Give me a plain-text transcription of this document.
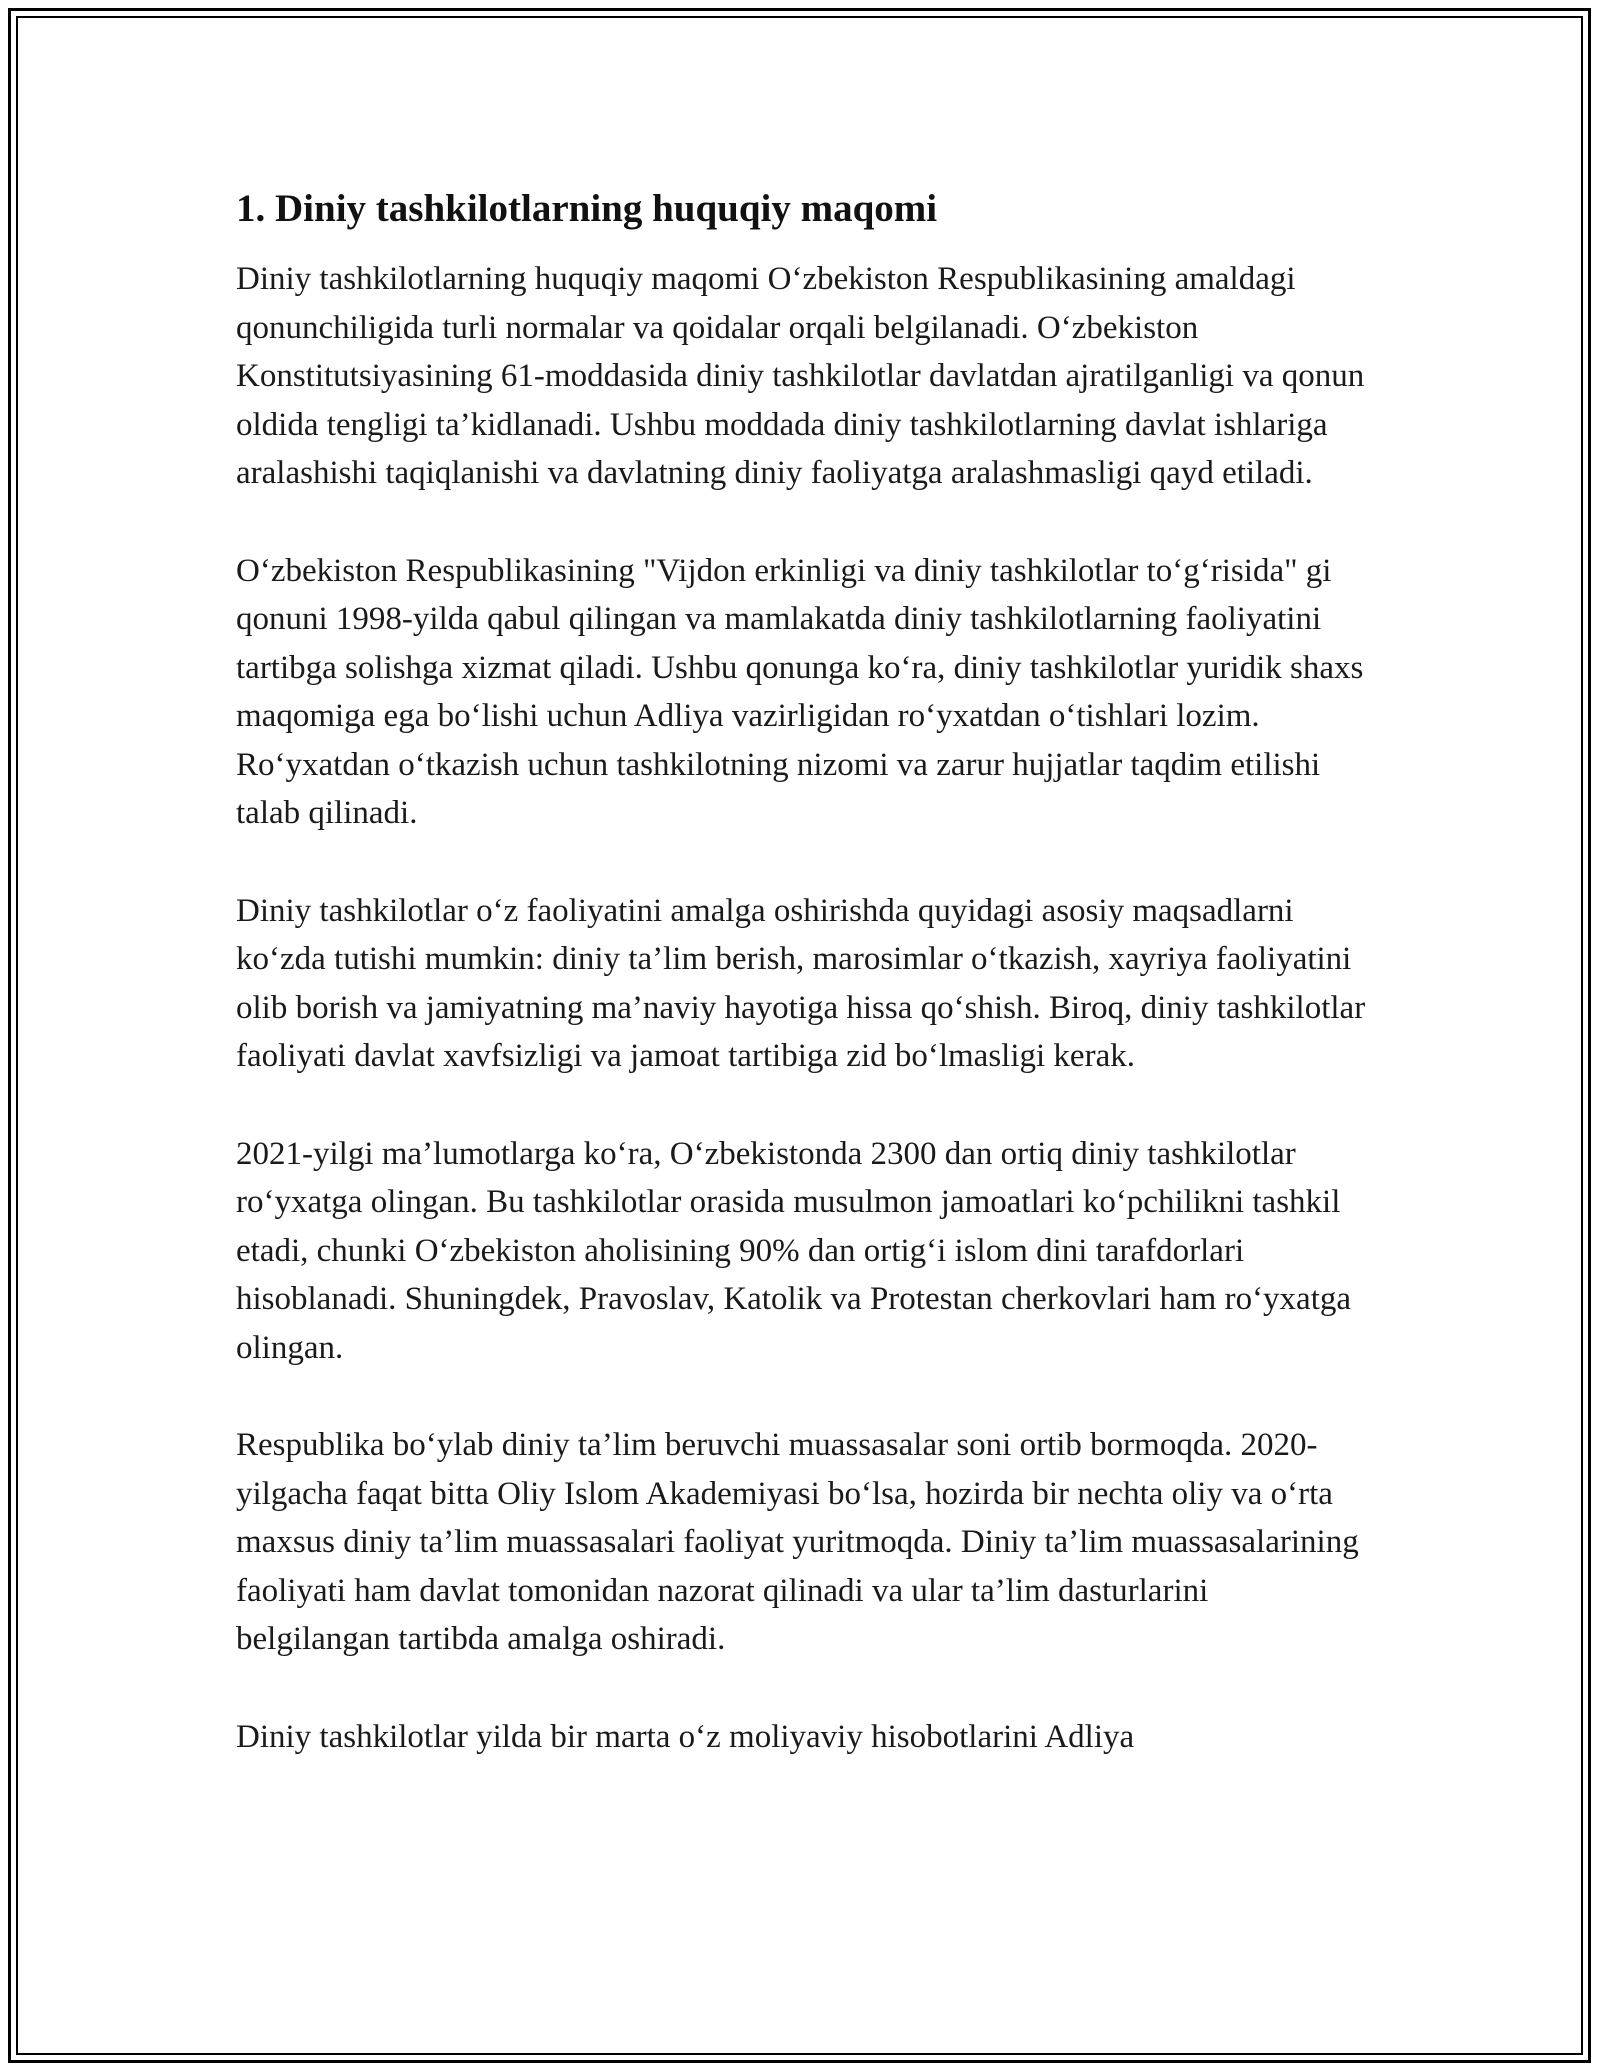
1. Diniy tashkilotlarning huquqiy maqomi

Diniy tashkilotlarning huquqiy maqomi O‘zbekiston Respublikasining amaldagi qonunchiligida turli normalar va qoidalar orqali belgilanadi. O‘zbekiston Konstitutsiyasining 61-moddasida diniy tashkilotlar davlatdan ajratilganligi va qonun oldida tengligi ta’kidlanadi. Ushbu moddada diniy tashkilotlarning davlat ishlariga aralashishi taqiqlanishi va davlatning diniy faoliyatga aralashmasligi qayd etiladi.

O‘zbekiston Respublikasining "Vijdon erkinligi va diniy tashkilotlar to‘g‘risida" gi qonuni 1998-yilda qabul qilingan va mamlakatda diniy tashkilotlarning faoliyatini tartibga solishga xizmat qiladi. Ushbu qonunga ko‘ra, diniy tashkilotlar yuridik shaxs maqomiga ega bo‘lishi uchun Adliya vazirligidan ro‘yxatdan o‘tishlari lozim. Ro‘yxatdan o‘tkazish uchun tashkilotning nizomi va zarur hujjatlar taqdim etilishi talab qilinadi.

Diniy tashkilotlar o‘z faoliyatini amalga oshirishda quyidagi asosiy maqsadlarni ko‘zda tutishi mumkin: diniy ta’lim berish, marosimlar o‘tkazish, xayriya faoliyatini olib borish va jamiyatning ma’naviy hayotiga hissa qo‘shish. Biroq, diniy tashkilotlar faoliyati davlat xavfsizligi va jamoat tartibiga zid bo‘lmasligi kerak.

2021-yilgi ma’lumotlarga ko‘ra, O‘zbekistonda 2300 dan ortiq diniy tashkilotlar ro‘yxatga olingan. Bu tashkilotlar orasida musulmon jamoatlari ko‘pchilikni tashkil etadi, chunki O‘zbekiston aholisining 90% dan ortig‘i islom dini tarafdorlari hisoblanadi. Shuningdek, Pravoslav, Katolik va Protestan cherkovlari ham ro‘yxatga olingan.

Respublika bo‘ylab diniy ta’lim beruvchi muassasalar soni ortib bormoqda. 2020-yilgacha faqat bitta Oliy Islom Akademiyasi bo‘lsa, hozirda bir nechta oliy va o‘rta maxsus diniy ta’lim muassasalari faoliyat yuritmoqda. Diniy ta’lim muassasalarining faoliyati ham davlat tomonidan nazorat qilinadi va ular ta’lim dasturlarini belgilangan tartibda amalga oshiradi.

Diniy tashkilotlar yilda bir marta o‘z moliyaviy hisobotlarini Adliya
